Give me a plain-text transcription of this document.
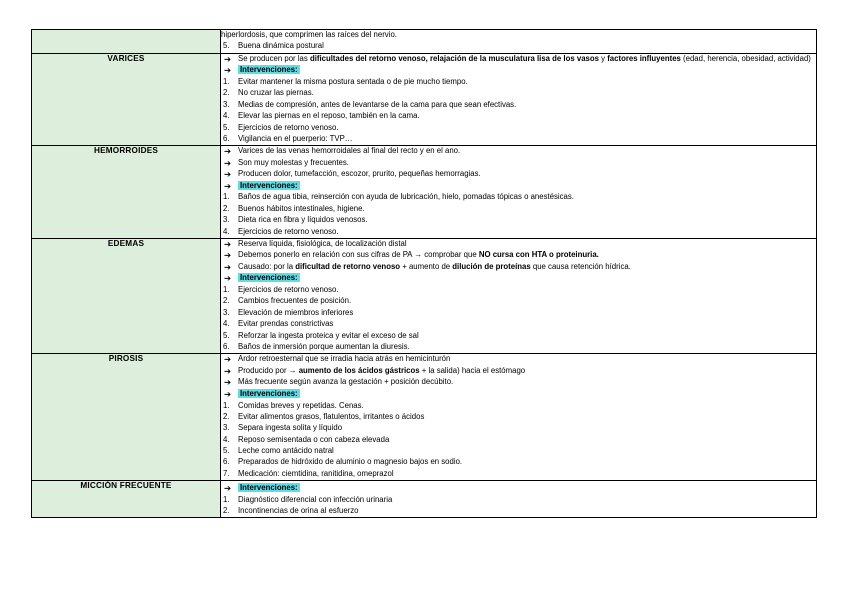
hiperlordosis, que comprimen las raíces del nervio.
Buena dinámica postural

VARICES	➔ Se producen por las dificultades del retorno venoso, relajación de la musculatura lisa de los vasos y factores influyentes (edad, herencia, obesidad, actividad)
➔ Intervenciones:
Evitar mantener la misma postura sentada o de pie mucho tiempo.
No cruzar las piernas.
Medias de compresión, antes de levantarse de la cama para que sean efectivas.
Elevar las piernas en el reposo, también en la cama.
Ejercicios de retorno venoso.
Vigilancia en el puerperio: TVP…

HEMORROIDES	➔ Varices de las venas hemorroidales al final del recto y en el ano.
➔ Son muy molestas y frecuentes.
➔ Producen dolor, tumefacción, escozor, prurito, pequeñas hemorragias.
➔ Intervenciones:
Baños de agua tibia, reinserción con ayuda de lubricación, hielo, pomadas tópicas o anestésicas.
Buenos hábitos intestinales, higiene.
Dieta rica en fibra y líquidos venosos.
Ejercicios de retorno venoso.

EDEMAS	➔ Reserva líquida, fisiológica, de localización distal
➔ Debemos ponerlo en relación con sus cifras de PA → comprobar que NO cursa con HTA o proteinuria.
➔ Causado: por la dificultad de retorno venoso + aumento de dilución de proteínas que causa retención hídrica.
➔ Intervenciones:
Ejercicios de retorno venoso.
Cambios frecuentes de posición.
Elevación de miembros inferiores
Evitar prendas constrictivas
Reforzar la ingesta proteica y evitar el exceso de sal
Baños de inmersión porque aumentan la diuresis.

PIROSIS	➔ Ardor retroesternal que se irradia hacia atrás en hemicinturón
➔ Producido por → aumento de los ácidos gástricos + la salida) hacia el estómago
➔ Más frecuente según avanza la gestación + posición decúbito.
➔ Intervenciones:
Comidas breves y repetidas. Cenas.
Evitar alimentos grasos, flatulentos, irritantes o ácidos
Separa ingesta solita y líquido
Reposo semisentada o con cabeza elevada
Leche como antácido natral
Preparados de hidróxido de aluminio o magnesio bajos en sodio.
Medicación: ciemtidina, ranitidina, omeprazol

MICCIÓN FRECUENTE	➔ Intervenciones:
Diagnóstico diferencial con infección urinaria
Incontinencias de orina al esfuerzo
